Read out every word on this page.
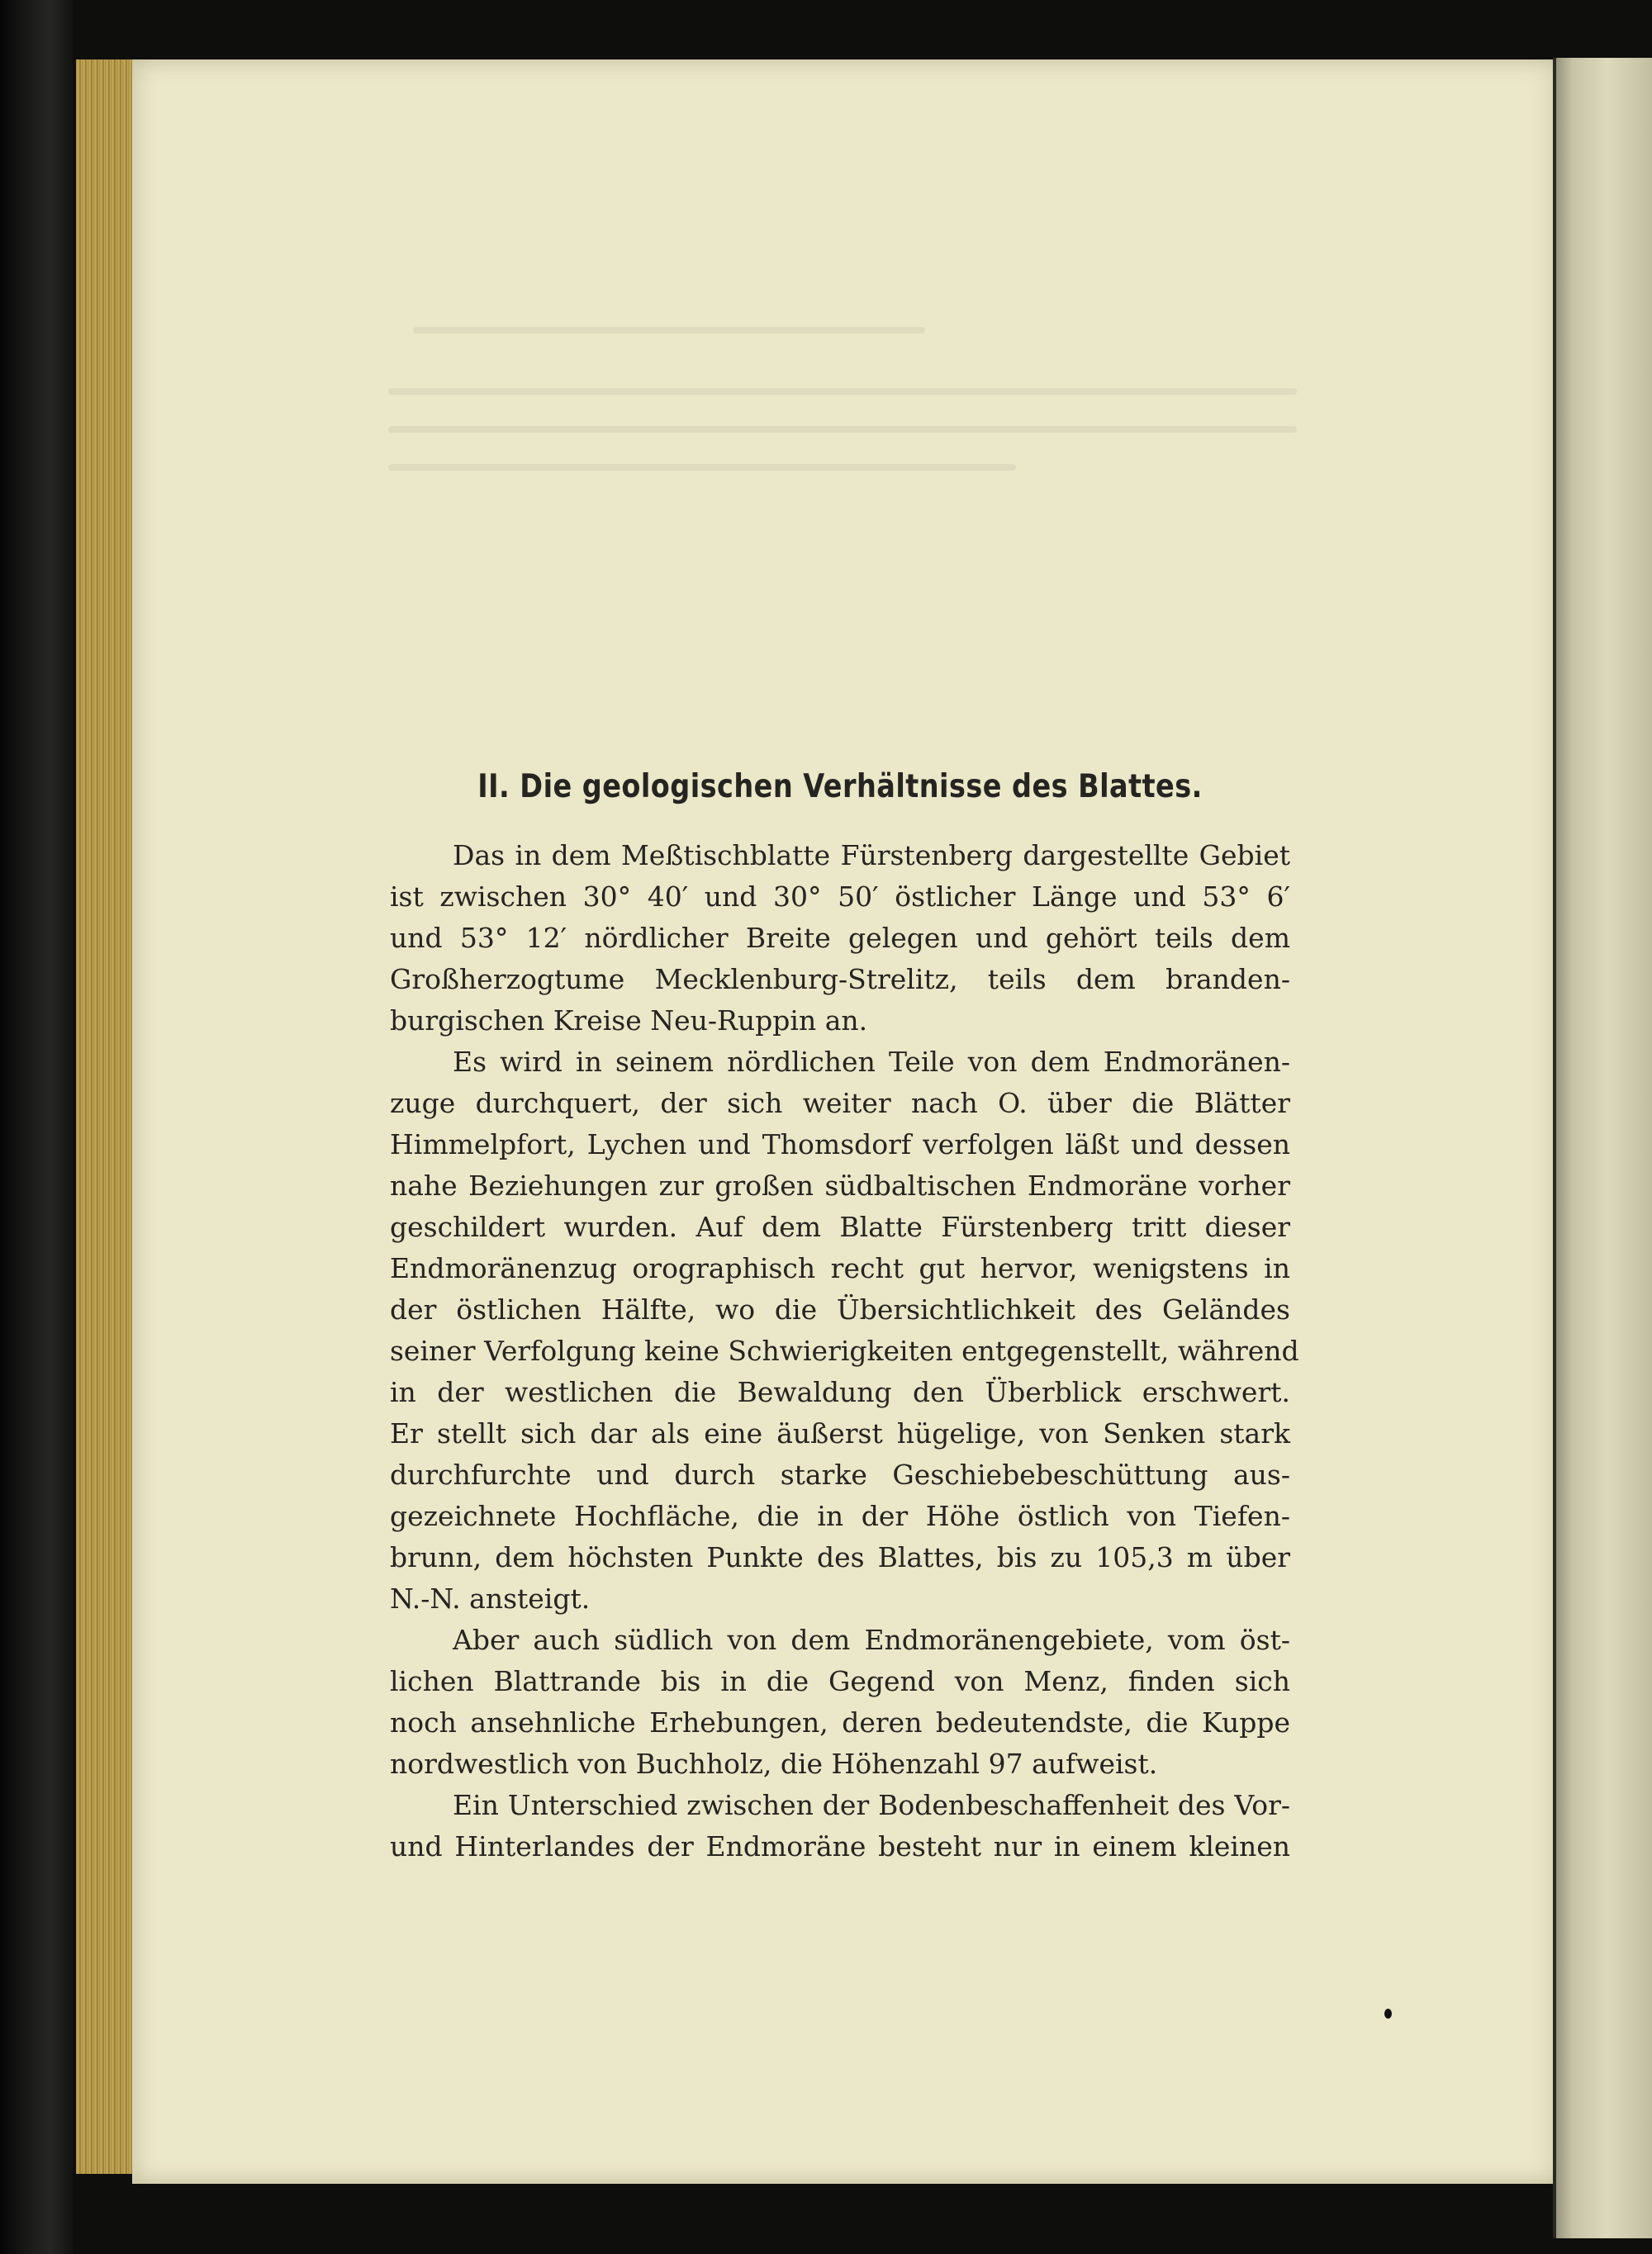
II. Die geologischen Verhältnisse des Blattes.
Das in dem Meßtischblatte Fürstenberg dargestellte Gebiet
ist zwischen 30° 40′ und 30° 50′ östlicher Länge und 53° 6′
und 53° 12′ nördlicher Breite gelegen und gehört teils dem
Großherzogtume Mecklenburg-Strelitz, teils dem branden-
burgischen Kreise Neu-Ruppin an.
Es wird in seinem nördlichen Teile von dem Endmoränen-
zuge durchquert, der sich weiter nach O. über die Blätter
Himmelpfort, Lychen und Thomsdorf verfolgen läßt und dessen
nahe Beziehungen zur großen südbaltischen Endmoräne vorher
geschildert wurden. Auf dem Blatte Fürstenberg tritt dieser
Endmoränenzug orographisch recht gut hervor, wenigstens in
der östlichen Hälfte, wo die Übersichtlichkeit des Geländes
seiner Verfolgung keine Schwierigkeiten entgegenstellt, während
in der westlichen die Bewaldung den Überblick erschwert.
Er stellt sich dar als eine äußerst hügelige, von Senken stark
durchfurchte und durch starke Geschiebebeschüttung aus-
gezeichnete Hochfläche, die in der Höhe östlich von Tiefen-
brunn, dem höchsten Punkte des Blattes, bis zu 105,3 m über
N.-N. ansteigt.
Aber auch südlich von dem Endmoränengebiete, vom öst-
lichen Blattrande bis in die Gegend von Menz, finden sich
noch ansehnliche Erhebungen, deren bedeutendste, die Kuppe
nordwestlich von Buchholz, die Höhenzahl 97 aufweist.
Ein Unterschied zwischen der Bodenbeschaffenheit des Vor-
und Hinterlandes der Endmoräne besteht nur in einem kleinen
